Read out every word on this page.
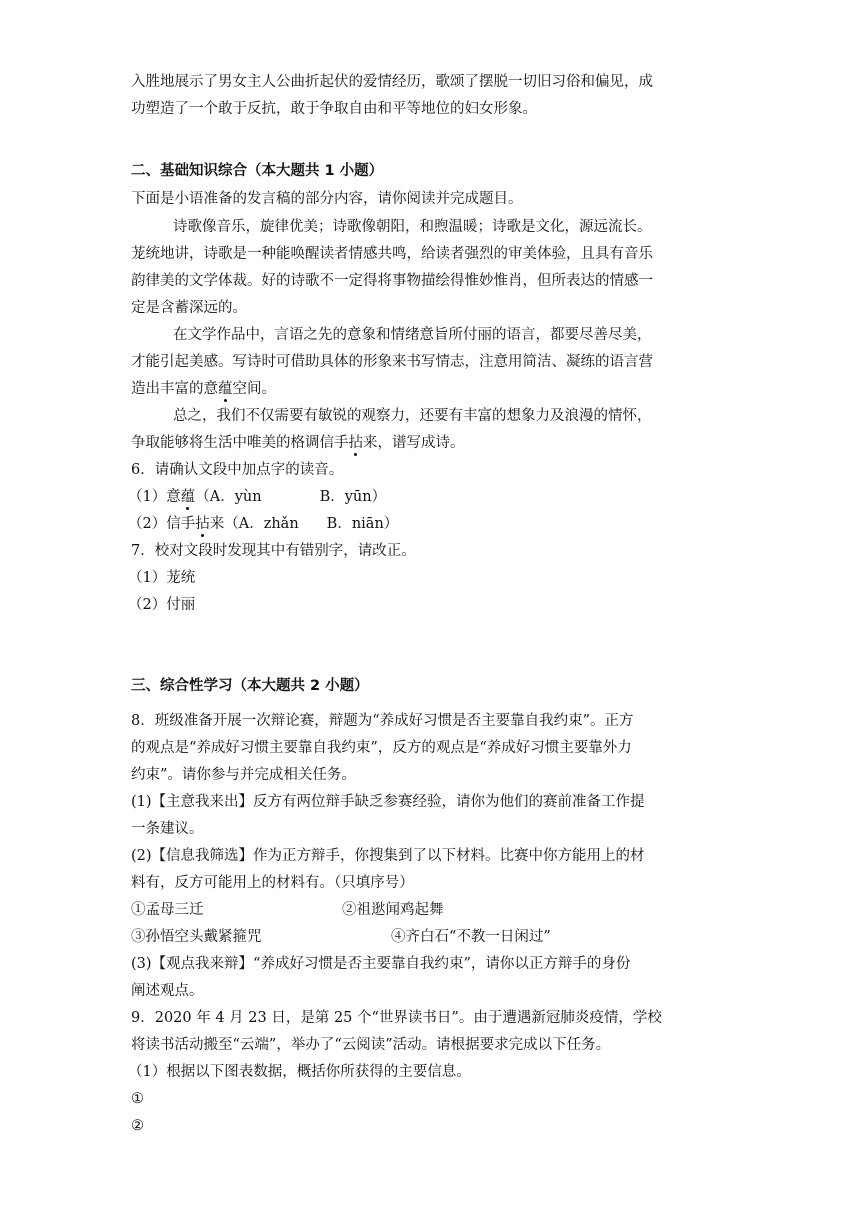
入胜地展示了男女主人公曲折起伏的爱情经历，歌颂了摆脱一切旧习俗和偏见，成
功塑造了一个敢于反抗，敢于争取自由和平等地位的妇女形象。
二、基础知识综合（本大题共 1 小题）
下面是小语准备的发言稿的部分内容，请你阅读并完成题目。
诗歌像音乐，旋律优美；诗歌像朝阳，和煦温暖；诗歌是文化，源远流长。
茏统地讲，诗歌是一种能唤醒读者情感共鸣，给读者强烈的审美体验，且具有音乐
韵律美的文学体裁。好的诗歌不一定得将事物描绘得惟妙惟肖，但所表达的情感一
定是含蓄深远的。
在文学作品中，言语之先的意象和情绪意旨所付丽的语言，都要尽善尽美，
才能引起美感。写诗时可借助具体的形象来书写情志，注意用简洁、凝练的语言营
造出丰富的意蕴空间。
总之，我们不仅需要有敏锐的观察力，还要有丰富的想象力及浪漫的情怀，
争取能够将生活中唯美的格调信手拈来，谱写成诗。
6．请确认文段中加点字的读音。
（1）意蕴（A．yùn	B．yūn）
（2）信手拈来（A．zhǎn B．niān）
7．校对文段时发现其中有错别字，请改正。
（1）茏统
（2）付丽
三、综合性学习（本大题共 2 小题）
8．班级准备开展一次辩论赛，辩题为“养成好习惯是否主要靠自我约束”。正方
的观点是“养成好习惯主要靠自我约束”，反方的观点是“养成好习惯主要靠外力
约束”。请你参与并完成相关任务。
(1)【主意我来出】反方有两位辩手缺乏参赛经验，请你为他们的赛前准备工作提
一条建议。
(2)【信息我筛选】作为正方辩手，你搜集到了以下材料。比赛中你方能用上的材
料有，反方可能用上的材料有。（只填序号）
①孟母三迁	②祖逖闻鸡起舞
③孙悟空头戴紧箍咒	④齐白石“不教一日闲过”
(3)【观点我来辩】“养成好习惯是否主要靠自我约束”，请你以正方辩手的身份
阐述观点。
9．2020 年 4 月 23 日，是第 25 个“世界读书日”。由于遭遇新冠肺炎疫情，学校
将读书活动搬至“云端”，举办了“云阅读”活动。请根据要求完成以下任务。
（1）根据以下图表数据，概括你所获得的主要信息。
①
②
